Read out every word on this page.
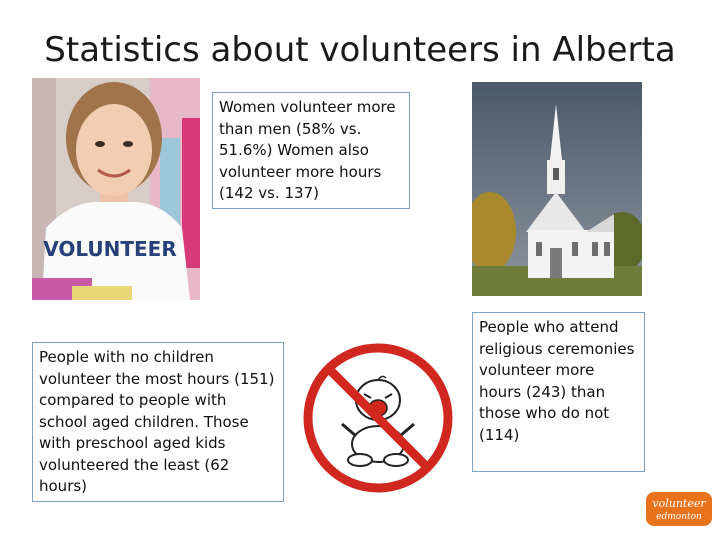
Statistics about volunteers in Alberta
VOLUNTEER
Women volunteer more than men (58% vs. 51.6%) Women also volunteer more hours (142 vs. 137)
People with no children volunteer the most hours (151) compared to people with school aged children. Those with preschool aged kids volunteered the least (62 hours)
People who attend religious ceremonies volunteer more hours (243) than those who do not (114)
volunteer
edmonton
